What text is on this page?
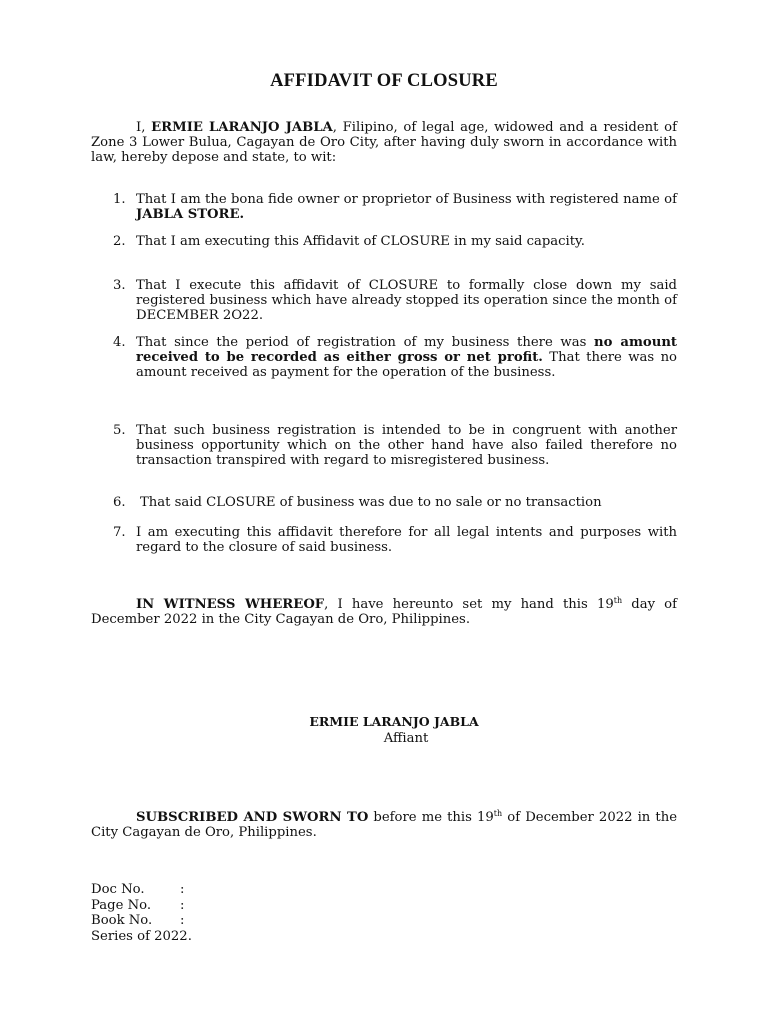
AFFIDAVIT OF CLOSURE
I, ERMIE LARANJO JABLA, Filipino, of legal age, widowed and a resident of Zone 3 Lower Bulua, Cagayan de Oro City, after having duly sworn in accordance with law, hereby depose and state, to wit:
1. That I am the bona fide owner or proprietor of Business with registered name of JABLA STORE.
2. That I am executing this Affidavit of CLOSURE in my said capacity.
3. That I execute this affidavit of CLOSURE to formally close down my said registered business which have already stopped its operation since the month of DECEMBER 2O22.
4. That since the period of registration of my business there was no amount received to be recorded as either gross or net profit. That there was no amount received as payment for the operation of the business.
5. That such business registration is intended to be in congruent with another business opportunity which on the other hand have also failed therefore no transaction transpired with regard to misregistered business.
6. That said CLOSURE of business was due to no sale or no transaction
7. I am executing this affidavit therefore for all legal intents and purposes with regard to the closure of said business.
IN WITNESS WHEREOF, I have hereunto set my hand this 19th day of December 2022 in the City Cagayan de Oro, Philippines.
ERMIE LARANJO JABLA
Affiant
SUBSCRIBED AND SWORN TO before me this 19th of December 2022 in the City Cagayan de Oro, Philippines.
Doc No.	:
Page No. :
Book No. :
Series of 2022.
